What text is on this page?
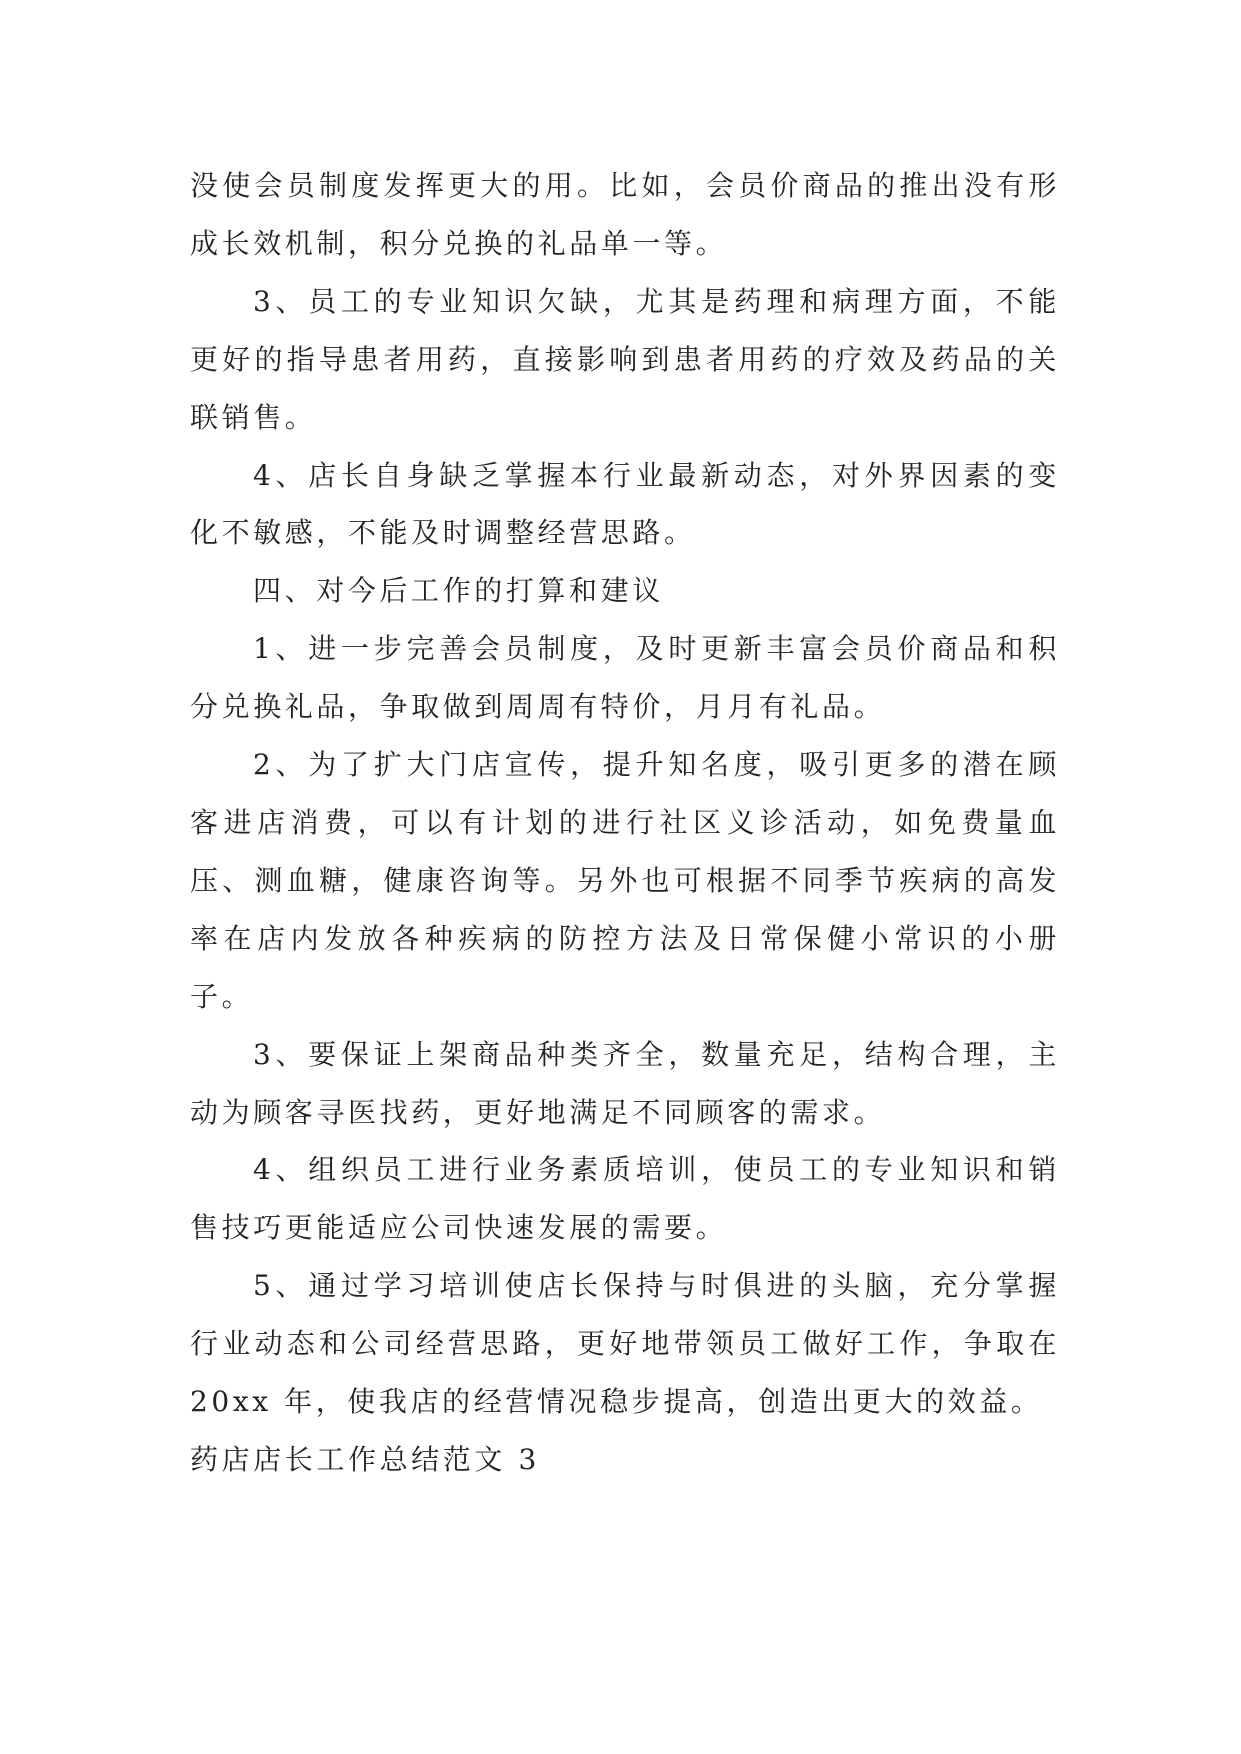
没使会员制度发挥更大的用。比如，会员价商品的推出没有形成长效机制，积分兑换的礼品单一等。

3、员工的专业知识欠缺，尤其是药理和病理方面，不能更好的指导患者用药，直接影响到患者用药的疗效及药品的关联销售。

4、店长自身缺乏掌握本行业最新动态，对外界因素的变化不敏感，不能及时调整经营思路。

四、对今后工作的打算和建议

1、进一步完善会员制度，及时更新丰富会员价商品和积分兑换礼品，争取做到周周有特价，月月有礼品。

2、为了扩大门店宣传，提升知名度，吸引更多的潜在顾客进店消费，可以有计划的进行社区义诊活动，如免费量血压、测血糖，健康咨询等。另外也可根据不同季节疾病的高发率在店内发放各种疾病的防控方法及日常保健小常识的小册子。

3、要保证上架商品种类齐全，数量充足，结构合理，主动为顾客寻医找药，更好地满足不同顾客的需求。

4、组织员工进行业务素质培训，使员工的专业知识和销售技巧更能适应公司快速发展的需要。

5、通过学习培训使店长保持与时俱进的头脑，充分掌握行业动态和公司经营思路，更好地带领员工做好工作，争取在 20xx 年，使我店的经营情况稳步提高，创造出更大的效益。

药店店长工作总结范文 3
